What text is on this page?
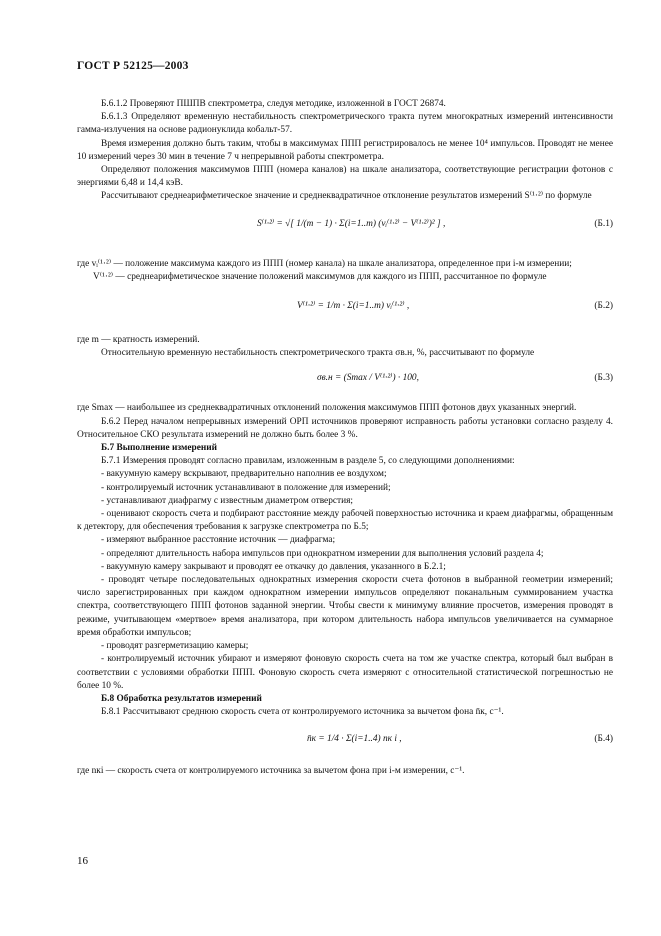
ГОСТ Р 52125—2003

Б.6.1.2 Проверяют ПШПВ спектрометра, следуя методике, изложенной в ГОСТ 26874.

Б.6.1.3 Определяют временную нестабильность спектрометрического тракта путем многократных измерений интенсивности гамма-излучения на основе радионуклида кобальт-57.

Время измерения должно быть таким, чтобы в максимумах ППП регистрировалось не менее 10⁴ импульсов. Проводят не менее 10 измерений через 30 мин в течение 7 ч непрерывной работы спектрометра.

Определяют положения максимумов ППП (номера каналов) на шкале анализатора, соответствующие регистрации фотонов с энергиями 6,48 и 14,4 кэВ.

Рассчитывают среднеарифметическое значение и среднеквадратичное отклонение результатов измерений S⁽¹·²⁾ по формуле

S⁽¹·²⁾ = √[ 1/(m − 1) · Σ(i=1..m) (vᵢ⁽¹·²⁾ − V⁽¹·²⁾)² ] ,	(Б.1)
где vᵢ⁽¹·²⁾ — положение максимума каждого из ППП (номер канала) на шкале анализатора, определенное при i-м измерении;
V⁽¹·²⁾ — среднеарифметическое значение положений максимумов для каждого из ППП, рассчитанное по формуле
V⁽¹·²⁾ = 1/m · Σ(i=1..m) vᵢ⁽¹·²⁾ ,	(Б.2)

где m — кратность измерений.

Относительную временную нестабильность спектрометрического тракта σв.н, %, рассчитывают по формуле

σв.н = (Smax / V⁽¹·²⁾) · 100,	(Б.3)
где Smax — наибольшее из среднеквадратичных отклонений положения максимумов ППП фотонов двух указанных энергий.

Б.6.2 Перед началом непрерывных измерений ОРП источников проверяют исправность работы установки согласно разделу 4. Относительное СКО результата измерений не должно быть более 3 %.

Б.7 Выполнение измерений

Б.7.1 Измерения проводят согласно правилам, изложенным в разделе 5, со следующими дополнениями:

- вакуумную камеру вскрывают, предварительно наполнив ее воздухом;

- контролируемый источник устанавливают в положение для измерений;

- устанавливают диафрагму с известным диаметром отверстия;

- оценивают скорость счета и подбирают расстояние между рабочей поверхностью источника и краем диафрагмы, обращенным к детектору, для обеспечения требования к загрузке спектрометра по Б.5;

- измеряют выбранное расстояние источник — диафрагма;

- определяют длительность набора импульсов при однократном измерении для выполнения условий раздела 4;

- вакуумную камеру закрывают и проводят ее откачку до давления, указанного в Б.2.1;

- проводят четыре последовательных однократных измерения скорости счета фотонов в выбранной геометрии измерений; число зарегистрированных при каждом однократном измерении импульсов определяют поканальным суммированием участка спектра, соответствующего ППП фотонов заданной энергии. Чтобы свести к минимуму влияние просчетов, измерения проводят в режиме, учитывающем «мертвое» время анализатора, при котором длительность набора импульсов увеличивается на суммарное время обработки импульсов;

- проводят разгерметизацию камеры;

- контролируемый источник убирают и измеряют фоновую скорость счета на том же участке спектра, который был выбран в соответствии с условиями обработки ППП. Фоновую скорость счета измеряют с относительной статистической погрешностью не более 10 %.

Б.8 Обработка результатов измерений

Б.8.1 Рассчитывают среднюю скорость счета от контролируемого источника за вычетом фона n̄к, с⁻¹.

n̄к = 1/4 · Σ(i=1..4) nк i ,	(Б.4)

где nкi — скорость счета от контролируемого источника за вычетом фона при i-м измерении, с⁻¹.

16
